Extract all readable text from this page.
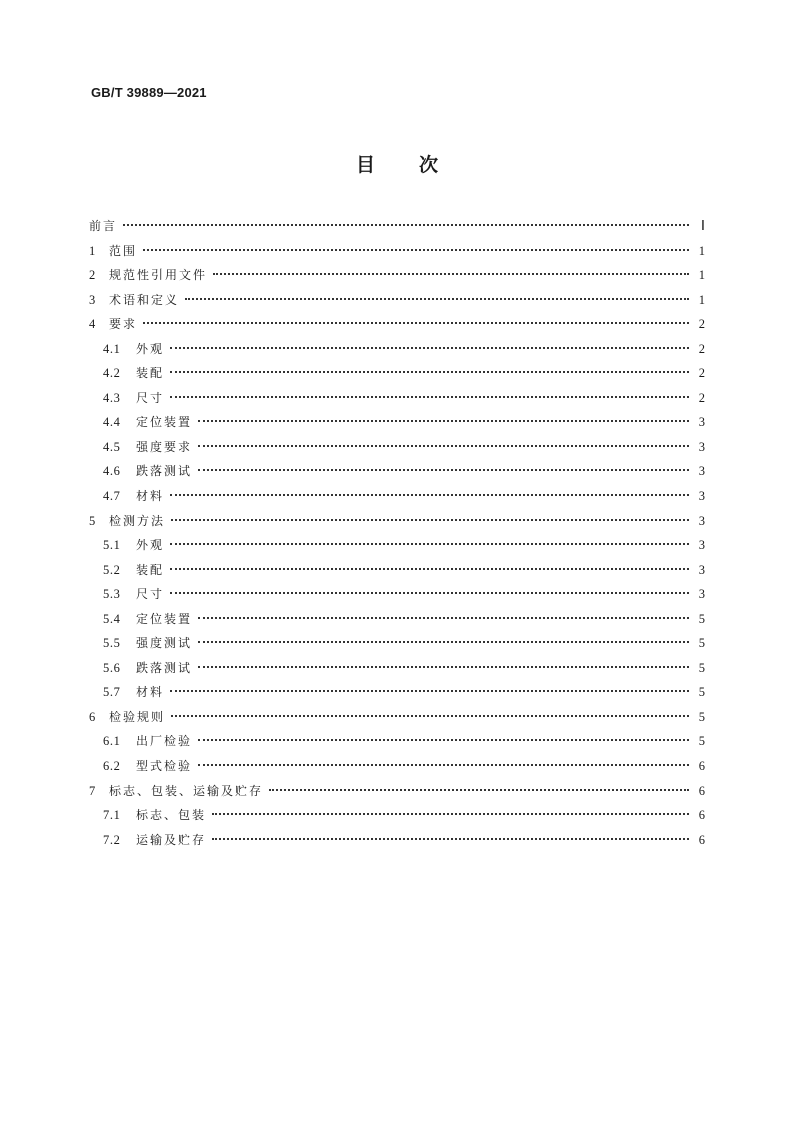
GB/T 39889—2021
目 次
前言	Ⅰ
1	范围	1
2	规范性引用文件	1
3	术语和定义	1
4	要求	2
4.1	外观	2
4.2	装配	2
4.3	尺寸	2
4.4	定位装置	3
4.5	强度要求	3
4.6	跌落测试	3
4.7	材料	3
5	检测方法	3
5.1	外观	3
5.2	装配	3
5.3	尺寸	3
5.4	定位装置	5
5.5	强度测试	5
5.6	跌落测试	5
5.7	材料	5
6	检验规则	5
6.1	出厂检验	5
6.2	型式检验	6
7	标志、包装、运输及贮存	6
7.1	标志、包装	6
7.2	运输及贮存	6
